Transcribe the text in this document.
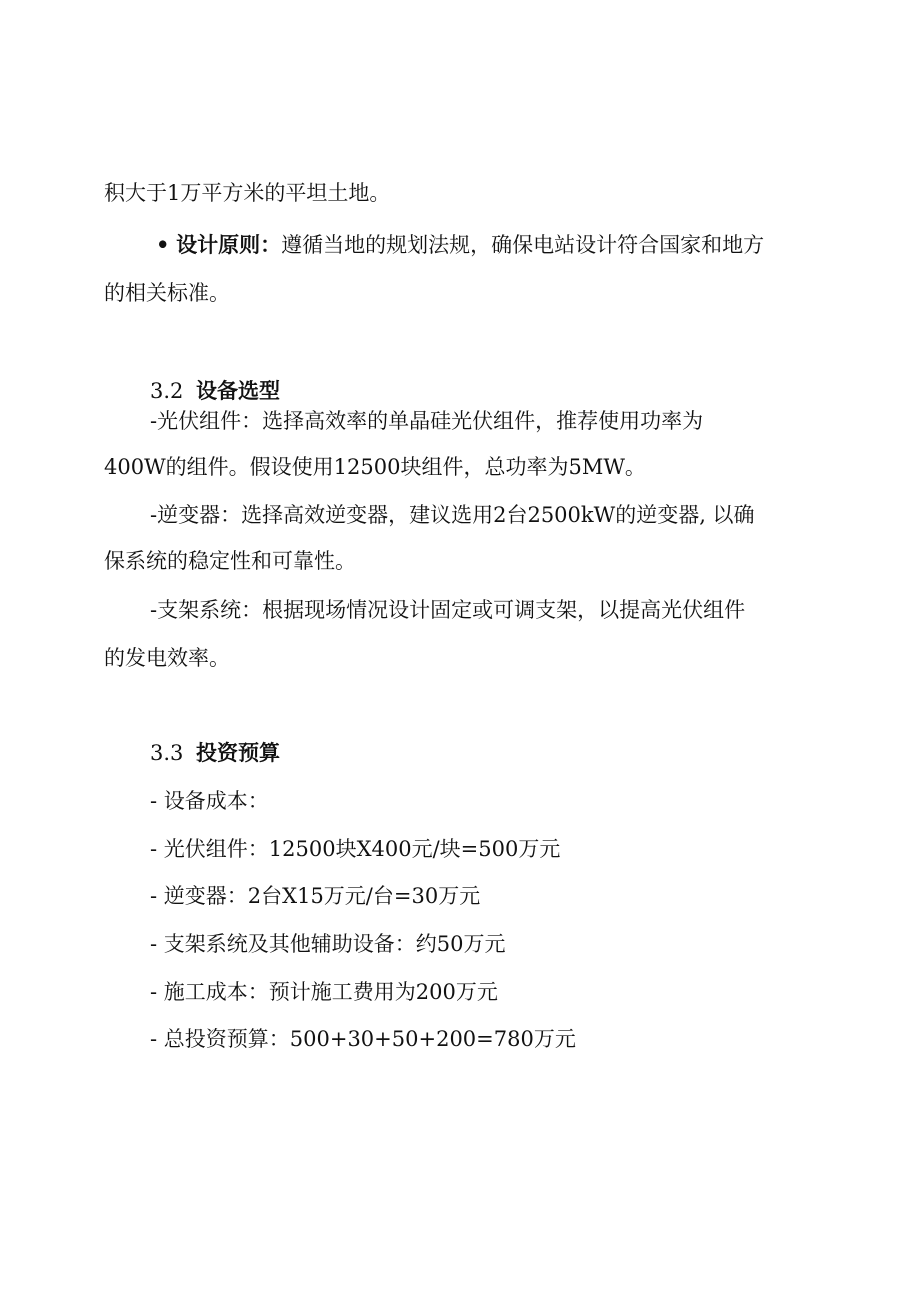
积大于1万平方米的平坦土地。
• 设计原则：遵循当地的规划法规，确保电站设计符合国家和地方
的相关标准。
3.2 设备选型
-光伏组件：选择高效率的单晶硅光伏组件，推荐使用功率为
400W的组件。假设使用12500块组件，总功率为5MW。
-逆变器：选择高效逆变器，建议选用2台2500kW的逆变器, 以确
保系统的稳定性和可靠性。
-支架系统：根据现场情况设计固定或可调支架，以提高光伏组件
的发电效率。
3.3 投资预算
- 设备成本：
- 光伏组件：12500块X400元/块=500万元
- 逆变器：2台X15万元/台=30万元
- 支架系统及其他辅助设备：约50万元
- 施工成本：预计施工费用为200万元
- 总投资预算：500+30+50+200=780万元
